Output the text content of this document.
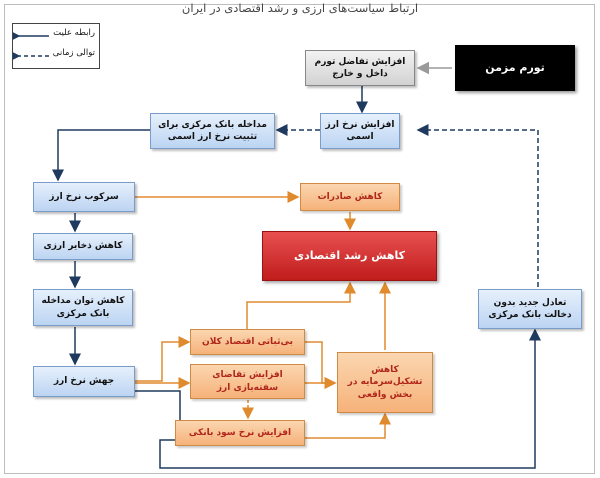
ارتباط سیاست‌های ارزی و رشد اقتصادی در ایران
رابطه علیت
توالی زمانی
تورم مزمن
افزایش تفاضل تورم داخل و خارج
افزایش نرخ ارز اسمی
مداخله بانک مرکزی برای تثبیت نرخ ارز اسمی
سرکوب نرخ ارز	کاهش صادرات
کاهش رشد اقتصادی
کاهش ذخایر ارزی
کاهش توان مداخله بانک مرکزی
تعادل جدید بدون دخالت بانک مرکزی
بی‌ثباتی اقتصاد کلان
جهش نرخ ارز
افزایش تقاضای سفته‌بازی ارز
کاهش تشکیل‌سرمایه در بخش واقعی
افزایش نرخ سود بانکی
